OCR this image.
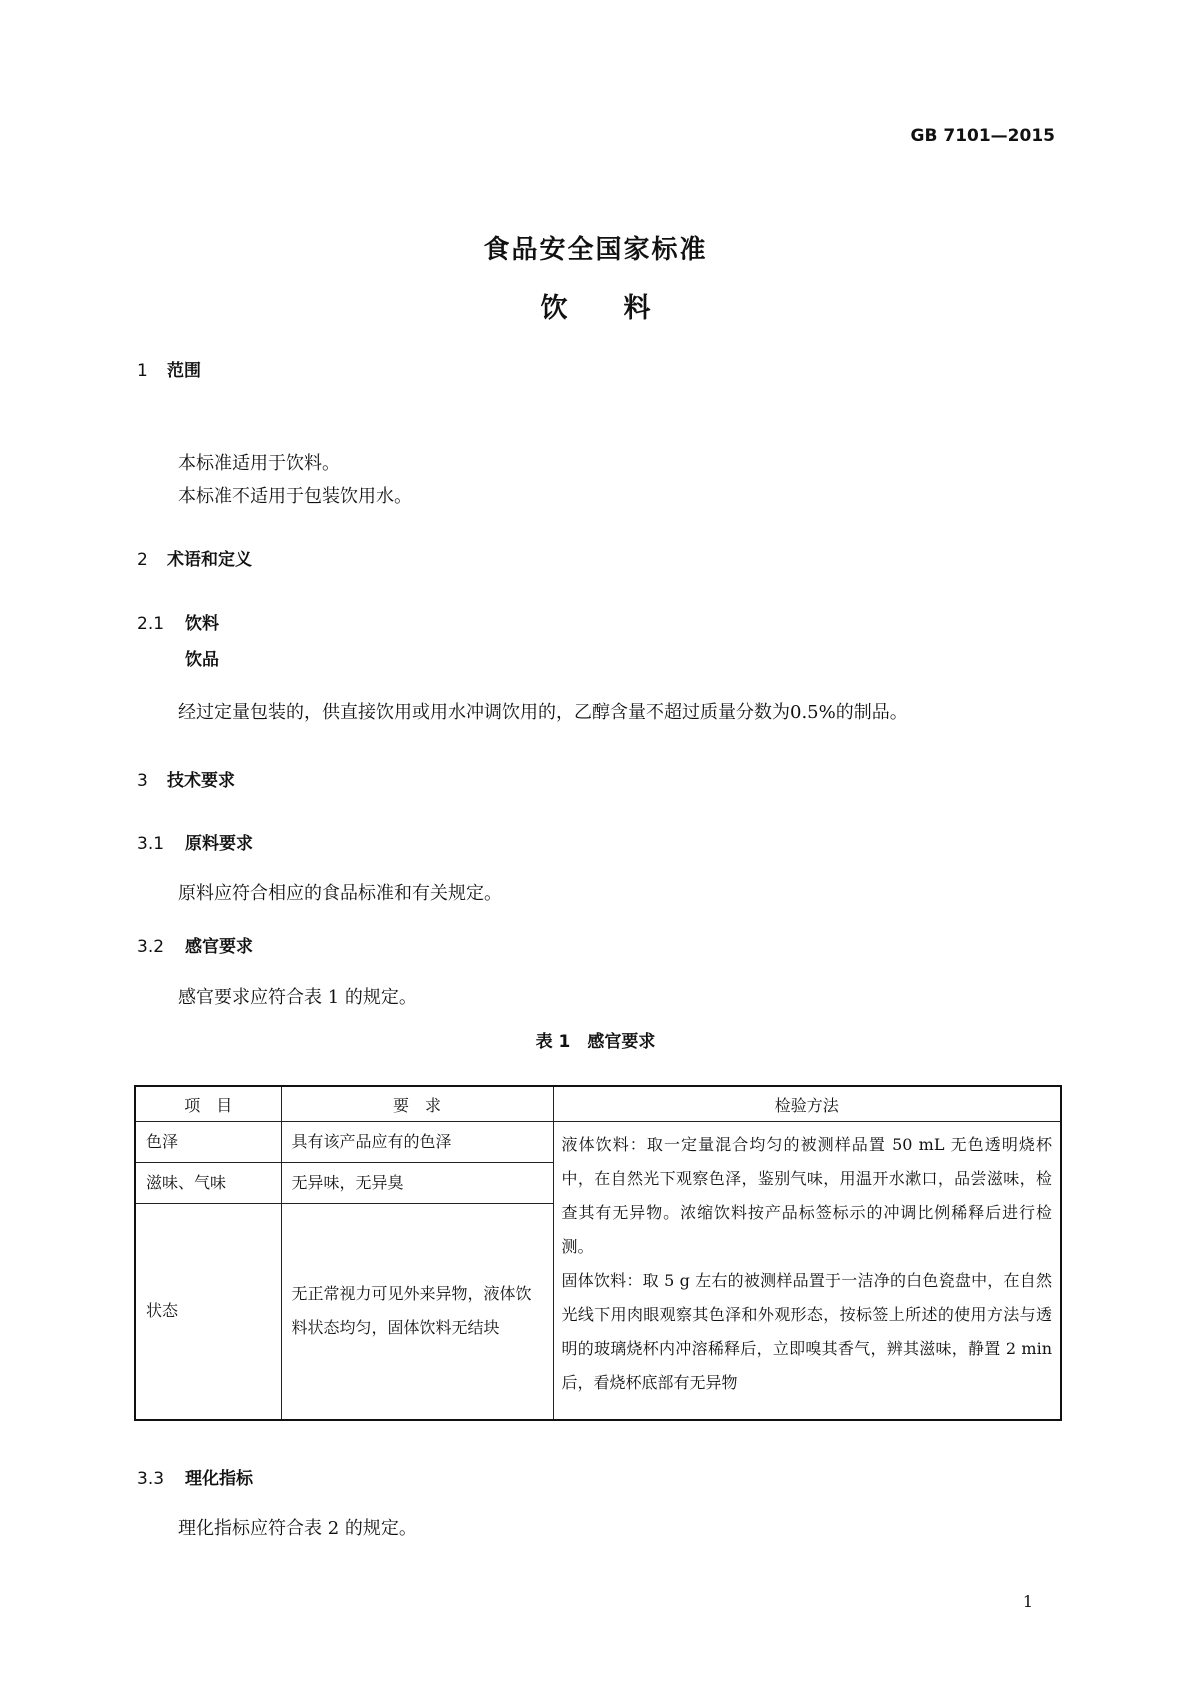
GB 7101—2015
食品安全国家标准
饮料
1 范围
本标准适用于饮料。
本标准不适用于包装饮用水。
2 术语和定义
2.1 饮料
饮品
经过定量包装的，供直接饮用或用水冲调饮用的，乙醇含量不超过质量分数为0.5%的制品。
3 技术要求
3.1 原料要求
原料应符合相应的食品标准和有关规定。
3.2 感官要求
感官要求应符合表 1 的规定。
表 1　感官要求
项　目	要　求	检验方法
色泽	具有该产品应有的色泽	液体饮料：取一定量混合均匀的被测样品置 50 mL 无色透明烧杯中，在自然光下观察色泽，鉴别气味，用温开水漱口，品尝滋味，检查其有无异物。浓缩饮料按产品标签标示的冲调比例稀释后进行检测。

固体饮料：取 5 g 左右的被测样品置于一洁净的白色瓷盘中，在自然光线下用肉眼观察其色泽和外观形态，按标签上所述的使用方法与透明的玻璃烧杯内冲溶稀释后，立即嗅其香气，辨其滋味，静置 2 min 后，看烧杯底部有无异物

滋味、气味	无异味，无异臭	
状态	无正常视力可见外来异物，液体饮料状态均匀，固体饮料无结块	
3.3 理化指标
理化指标应符合表 2 的规定。
1
